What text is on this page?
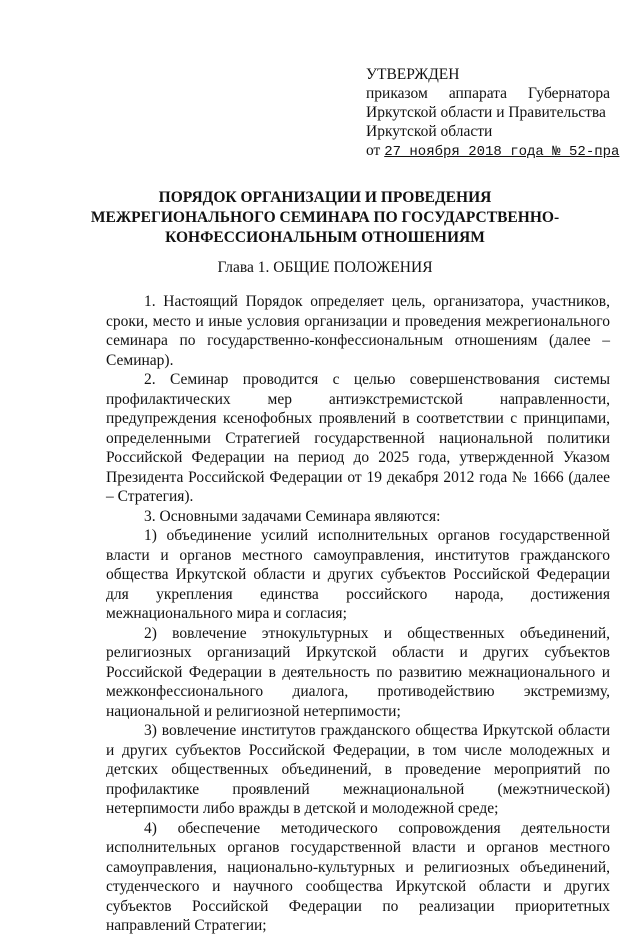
УТВЕРЖДЕН
приказом аппарата Губернатора
Иркутской области и Правительства
Иркутской области
от 27 ноября 2018 года № 52-пра
ПОРЯДОК ОРГАНИЗАЦИИ И ПРОВЕДЕНИЯ
МЕЖРЕГИОНАЛЬНОГО СЕМИНАРА ПО ГОСУДАРСТВЕННО-
КОНФЕССИОНАЛЬНЫМ ОТНОШЕНИЯМ
Глава 1. ОБЩИЕ ПОЛОЖЕНИЯ

1. Настоящий Порядок определяет цель, организатора, участников, сроки, место и иные условия организации и проведения межрегионального семинара по государственно-конфессиональным отношениям (далее – Семинар).

2. Семинар проводится с целью совершенствования системы профилактических мер антиэкстремистской направленности, предупреждения ксенофобных проявлений в соответствии с принципами, определенными Стратегией государственной национальной политики Российской Федерации на период до 2025 года, утвержденной Указом Президента Российской Федерации от 19 декабря 2012 года № 1666 (далее – Стратегия).

3. Основными задачами Семинара являются:

1) объединение усилий исполнительных органов государственной власти и органов местного самоуправления, институтов гражданского общества Иркутской области и других субъектов Российской Федерации для укрепления единства российского народа, достижения межнационального мира и согласия;

2) вовлечение этнокультурных и общественных объединений, религиозных организаций Иркутской области и других субъектов Российской Федерации в деятельность по развитию межнационального и межконфессионального диалога, противодействию экстремизму, национальной и религиозной нетерпимости;

3) вовлечение институтов гражданского общества Иркутской области и других субъектов Российской Федерации, в том числе молодежных и детских общественных объединений, в проведение мероприятий по профилактике проявлений межнациональной (межэтнической) нетерпимости либо вражды в детской и молодежной среде;

4) обеспечение методического сопровождения деятельности исполнительных органов государственной власти и органов местного самоуправления, национально-культурных и религиозных объединений, студенческого и научного сообщества Иркутской области и других субъектов Российской Федерации по реализации приоритетных направлений Стратегии;
